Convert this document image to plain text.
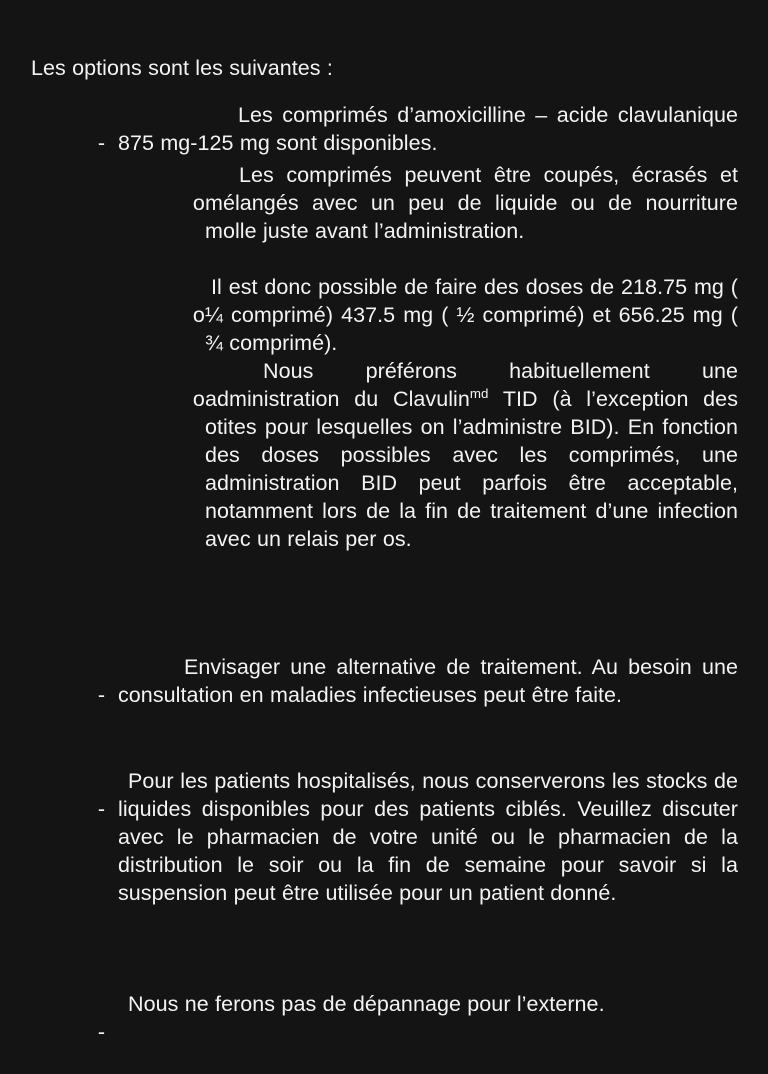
Les options sont les suivantes :

-

Les comprimés d’amoxicilline – acide clavulanique 875 mg-125 mg sont disponibles.

o

Les comprimés peuvent être coupés, écrasés et mélangés avec un peu de liquide ou de nourriture molle juste avant l’administration.

o

Il est donc possible de faire des doses de 218.75 mg ( ¼ comprimé) 437.5 mg ( ½ comprimé) et 656.25 mg ( ¾ comprimé).

o

Nous préférons habituellement une administration du Clavulin$^{md}$ TID (à l’exception des otites pour lesquelles on l’administre BID). En fonction des doses possibles avec les comprimés, une administration BID peut parfois être acceptable, notamment lors de la fin de traitement d’une infection avec un relais per os.

-

Envisager une alternative de traitement. Au besoin une consultation en maladies infectieuses peut être faite.

-

Pour les patients hospitalisés, nous conserverons les stocks de liquides disponibles pour des patients ciblés. Veuillez discuter avec le pharmacien de votre unité ou le pharmacien de la distribution le soir ou la fin de semaine pour savoir si la suspension peut être utilisée pour un patient donné.

-

Nous ne ferons pas de dépannage pour l’externe.
